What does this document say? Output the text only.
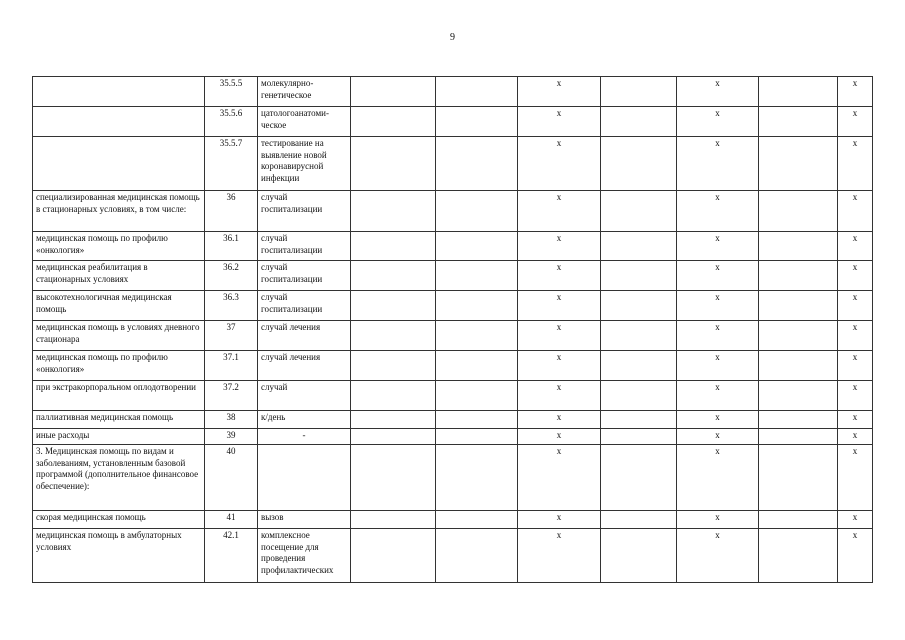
9
	35.5.5	молекулярно-генетическое			х		х		х
	35.5.6	цатологоанатоми-ческое			х		х		х
	35.5.7	тестирование на выявление новой коронавирусной инфекции			х		х		х
специализированная медицинская помощь в стационарных условиях, в том числе:	36	случай госпитализации			х		х		х
медицинская помощь по профилю «онкология»	36.1	случай госпитализации			х		х		х
медицинская реабилитация в стационарных условиях	36.2	случай госпитализации			х		х		х
высокотехнологичная медицинская помощь	36.3	случай госпитализации			х		х		х
медицинская помощь в условиях дневного стационара	37	случай лечения			х		х		х
медицинская помощь по профилю «онкология»	37.1	случай лечения			х		х		х
при экстракорпоральном оплодотворении	37.2	случай			х		х		х
паллиативная медицинская помощь	38	к/день			х		х		х
иные расходы	39	-			х		х		х
3. Медицинская помощь по видам и заболеваниям, установленным базовой программой (дополнительное финансовое обеспечение):	40				х		х		х
скорая медицинская помощь	41	вызов			х		х		х
медицинская помощь в амбулаторных условиях	42.1	комплексное посещение для проведения профилактических			х		х		х
